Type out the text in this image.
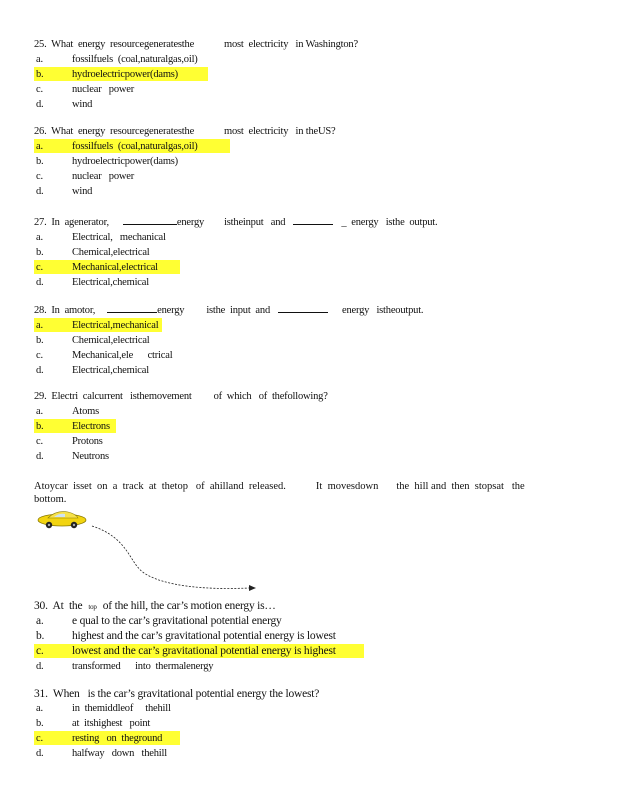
25.  What  energy  resourcegeneratesthe	most  electricity   in Washington?
a.	fossilfuels  (coal,naturalgas,oil)
b.	hydroelectricpower(dams)
c.	nuclear   power
d.	wind
26.  What  energy  resourcegeneratesthe	most  electricity   in theUS?
a.	fossilfuels  (coal,naturalgas,oil)
b.	hydroelectricpower(dams)
c.	nuclear   power
d.	wind
27.  In  agenerator,	energy istheinput   and	_  energy   isthe  output.
a.	Electrical,   mechanical
b.	Chemical,electrical
c.	Mechanical,electrical
d.	Electrical,chemical
28.  In  amotor,	energy isthe  input  and	energy   istheoutput.
a.	Electrical,mechanical
b.	Chemical,electrical
c.	Mechanical,ele      ctrical
d.	Electrical,chemical
29.  Electri  calcurrent   isthemovement of  which   of  thefollowing?
a.	Atoms
b.	Electrons
c.	Protons
d.	Neutrons
Atoycar  isset  on  a  track  at  thetop   of  ahilland  released.	It  movesdown the  hill and  then  stopsat   the
bottom.
30.  At  the top of the hill, the car’s motion energy is…
a. e qual to the car’s gravitational potential energy
b. highest and the car’s gravitational potential energy is lowest
c. lowest and the car’s gravitational potential energy is highest
d.	transformed      into  thermalenergy
31.  When is the car’s gravitational potential energy the lowest?
a.	in  themiddleof     thehill
b.	at  itshighest   point
c.	resting   on  theground
d.	halfway   down   thehill
